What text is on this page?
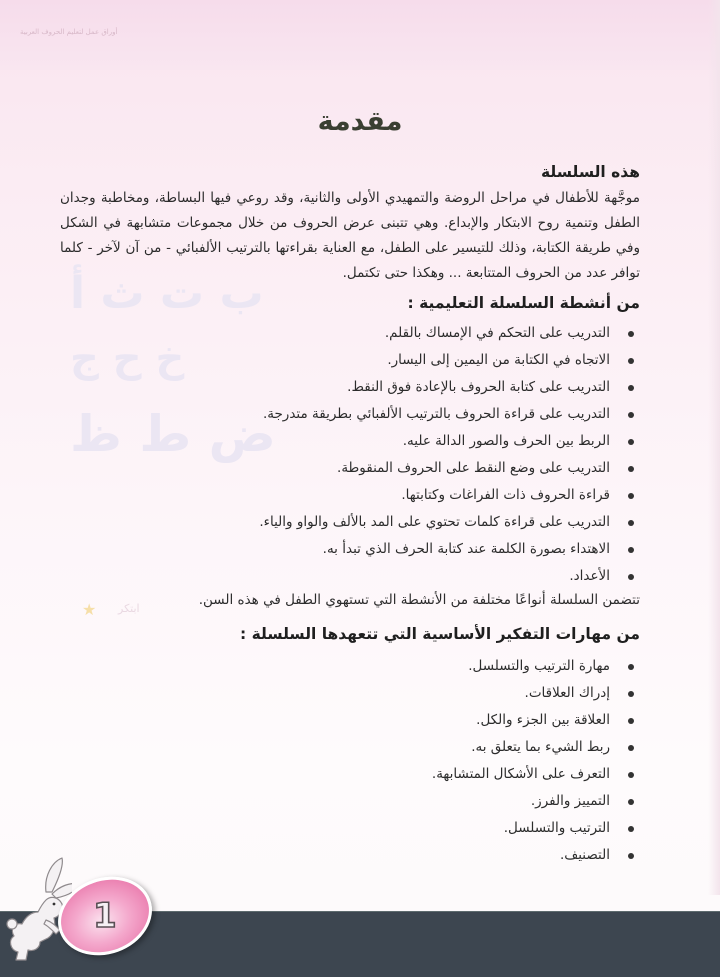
أوراق عمل لتعليم الحروف العربية
ب ت ث أ
خ ح ج
ض ط ظ
★ ابتكر
مقدمة
هذه السلسلة

موجَّهة للأطفال في مراحل الروضة والتمهيدي الأولى والثانية، وقد روعي فيها البساطة، ومخاطبة وجدان الطفل وتنمية روح الابتكار والإبداع. وهي تتبنى عرض الحروف من خلال مجموعات متشابهة في الشكل وفي طريقة الكتابة، وذلك للتيسير على الطفل، مع العناية بقراءتها بالترتيب الألفبائي - من آن لآخر - كلما توافر عدد من الحروف المتتابعة ... وهكذا حتى تكتمل.

من أنشطة السلسلة التعليمية :
التدريب على التحكم في الإمساك بالقلم.
الاتجاه في الكتابة من اليمين إلى اليسار.
التدريب على كتابة الحروف بالإعادة فوق النقط.
التدريب على قراءة الحروف بالترتيب الألفبائي بطريقة متدرجة.
الربط بين الحرف والصور الدالة عليه.
التدريب على وضع النقط على الحروف المنقوطة.
قراءة الحروف ذات الفراغات وكتابتها.
التدريب على قراءة كلمات تحتوي على المد بالألف والواو والياء.
الاهتداء بصورة الكلمة عند كتابة الحرف الذي تبدأ به.
الأعداد.

تتضمن السلسلة أنواعًا مختلفة من الأنشطة التي تستهوي الطفل في هذه السن.

من مهارات التفكير الأساسية التي تتعهدها السلسلة :
مهارة الترتيب والتسلسل.
إدراك العلاقات.
العلاقة بين الجزء والكل.
ربط الشيء بما يتعلق به.
التعرف على الأشكال المتشابهة.
التمييز والفرز.
الترتيب والتسلسل.
التصنيف.
1
